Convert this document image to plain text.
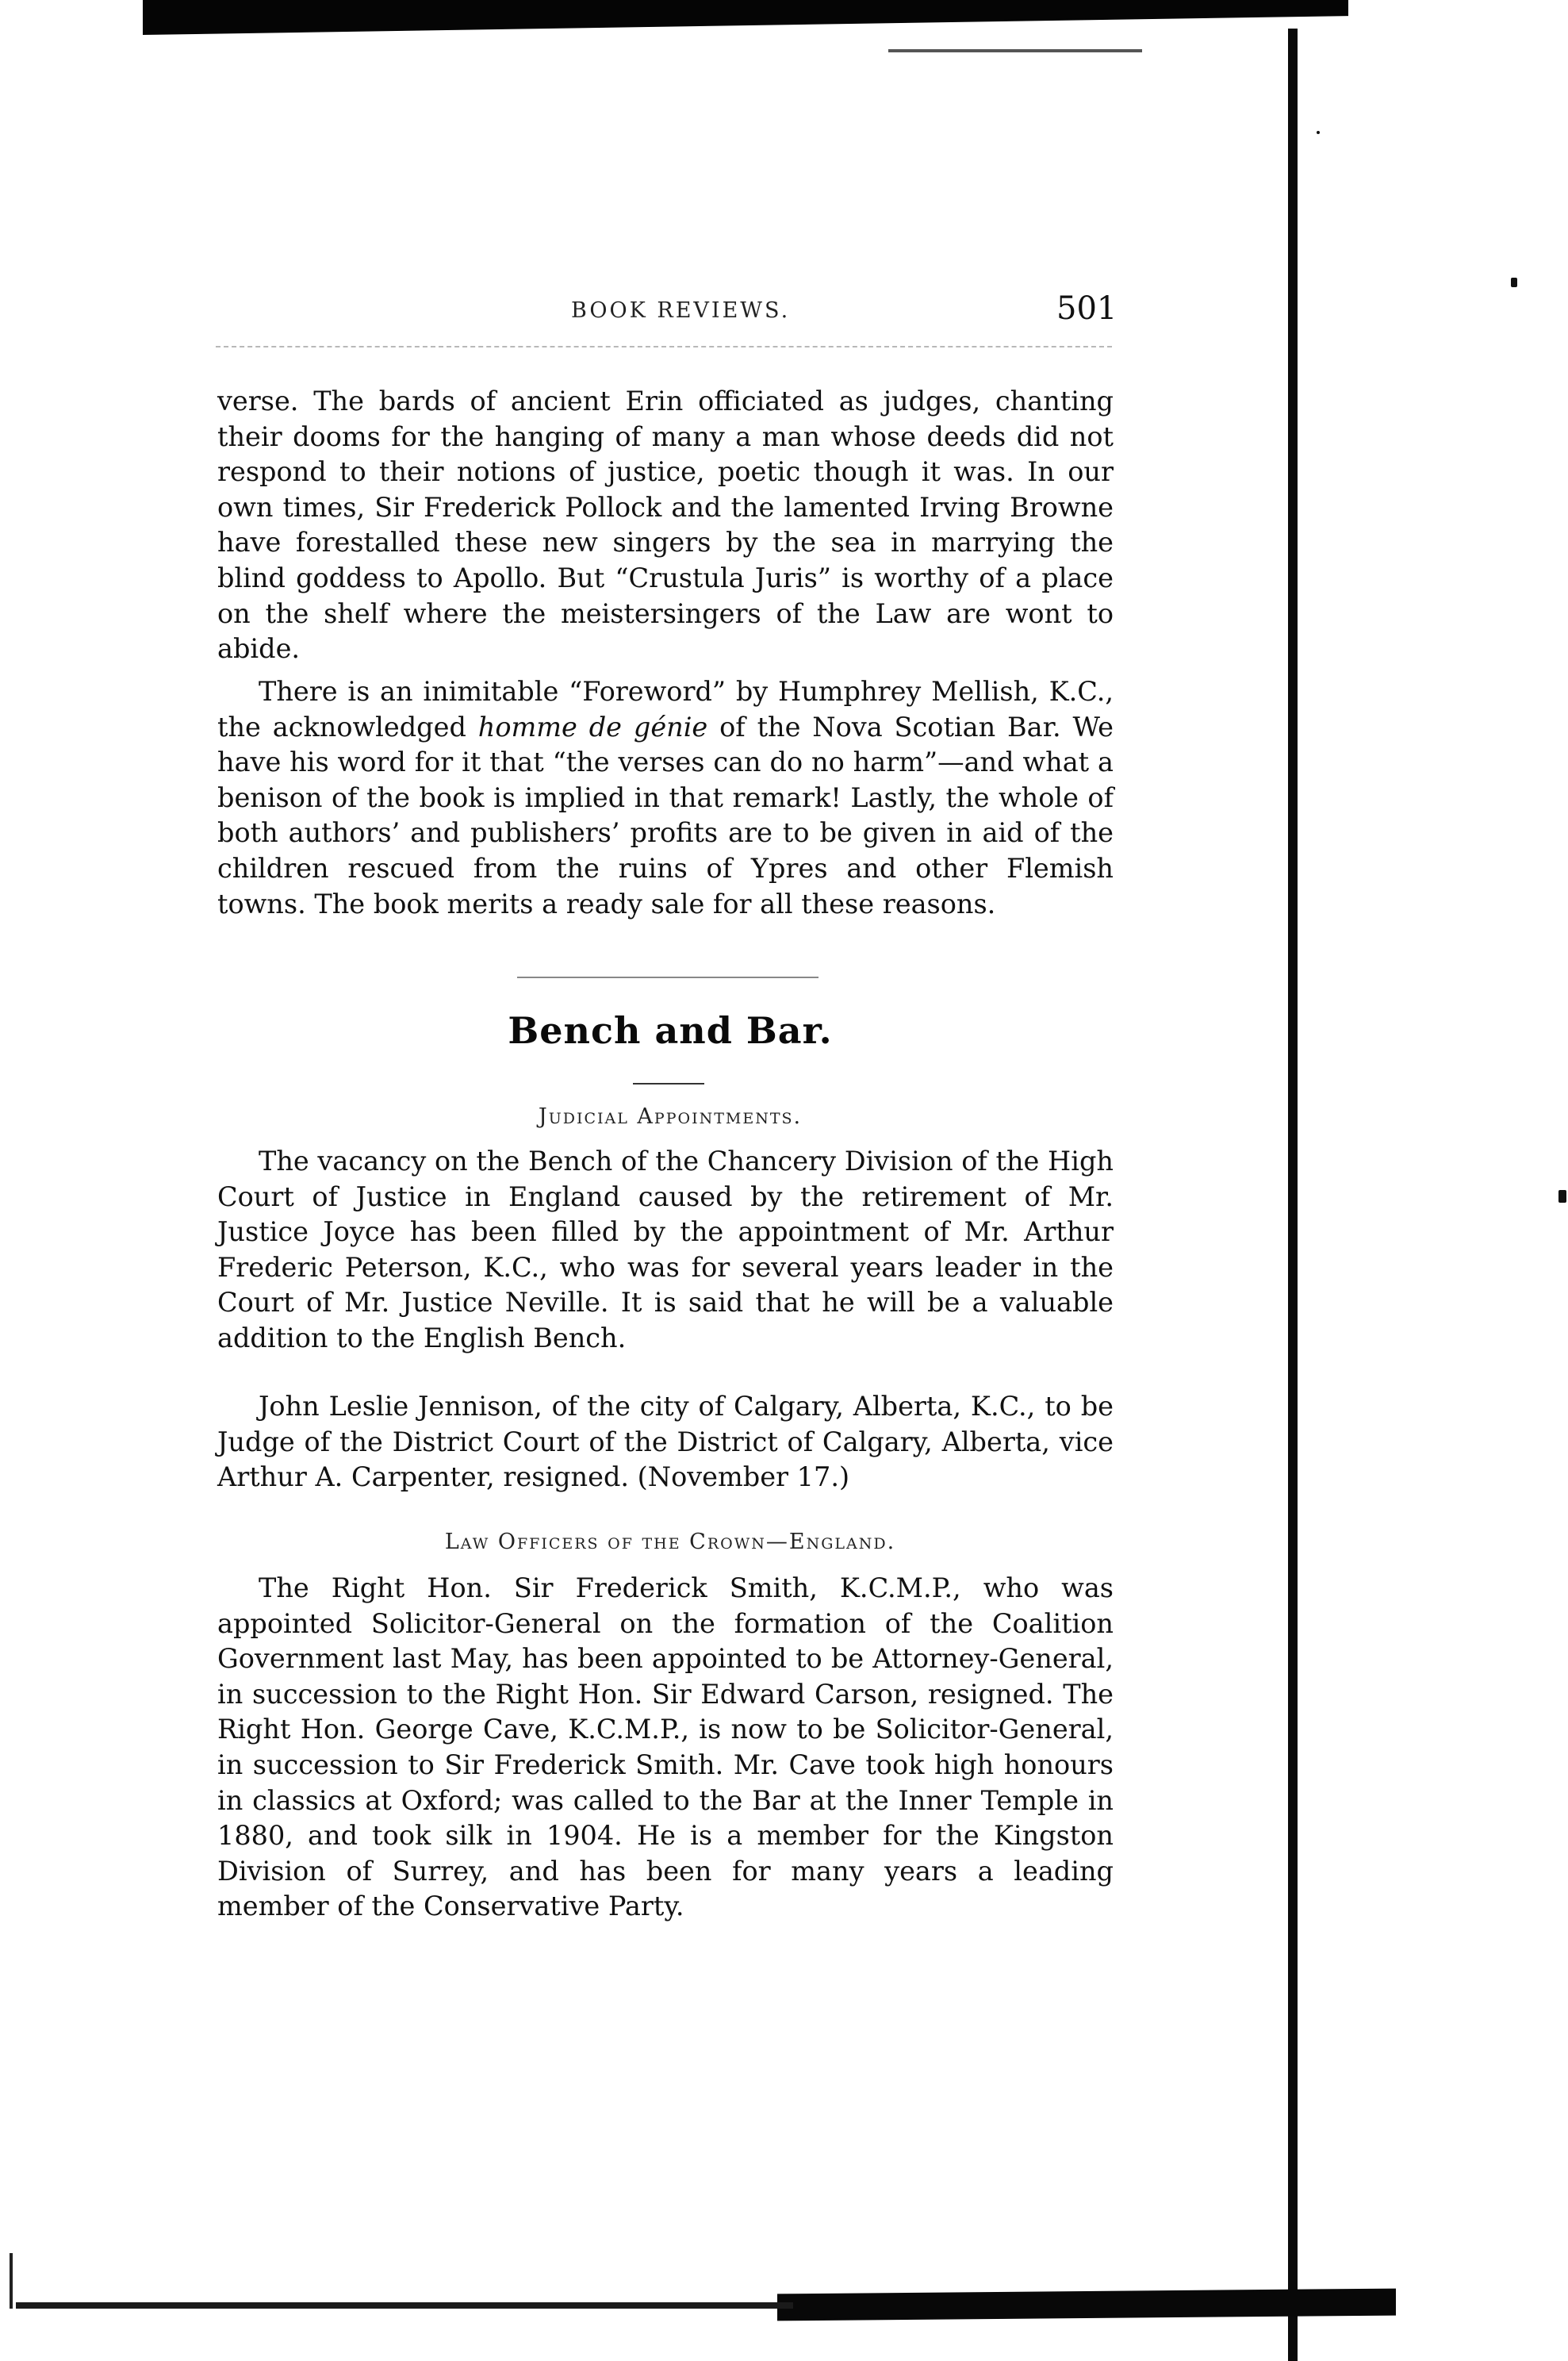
BOOK REVIEWS.	501

verse. The bards of ancient Erin officiated as judges, chanting their dooms for the hanging of many a man whose deeds did not respond to their notions of justice, poetic though it was. In our own times, Sir Frederick Pollock and the lamented Irving Browne have forestalled these new singers by the sea in marrying the blind goddess to Apollo. But “Crustula Juris” is worthy of a place on the shelf where the meistersingers of the Law are wont to abide.

There is an inimitable “Foreword” by Humphrey Mellish, K.C., the acknowledged homme de génie of the Nova Scotian Bar. We have his word for it that “the verses can do no harm”—and what a benison of the book is implied in that remark! Lastly, the whole of both authors’ and publishers’ profits are to be given in aid of the children rescued from the ruins of Ypres and other Flemish towns. The book merits a ready sale for all these reasons.

Bench and Bar.
Judicial Appointments.

The vacancy on the Bench of the Chancery Division of the High Court of Justice in England caused by the retirement of Mr. Justice Joyce has been filled by the appointment of Mr. Arthur Frederic Peterson, K.C., who was for several years leader in the Court of Mr. Justice Neville. It is said that he will be a valuable addition to the English Bench.

John Leslie Jennison, of the city of Calgary, Alberta, K.C., to be Judge of the District Court of the District of Calgary, Alberta, vice Arthur A. Carpenter, resigned. (November 17.)

Law Officers of the Crown—England.

The Right Hon. Sir Frederick Smith, K.C.M.P., who was appointed Solicitor-General on the formation of the Coalition Government last May, has been appointed to be Attorney-General, in succession to the Right Hon. Sir Edward Carson, resigned. The Right Hon. George Cave, K.C.M.P., is now to be Solicitor-General, in succession to Sir Frederick Smith. Mr. Cave took high honours in classics at Oxford; was called to the Bar at the Inner Temple in 1880, and took silk in 1904. He is a member for the Kingston Division of Surrey, and has been for many years a leading member of the Conservative Party.
